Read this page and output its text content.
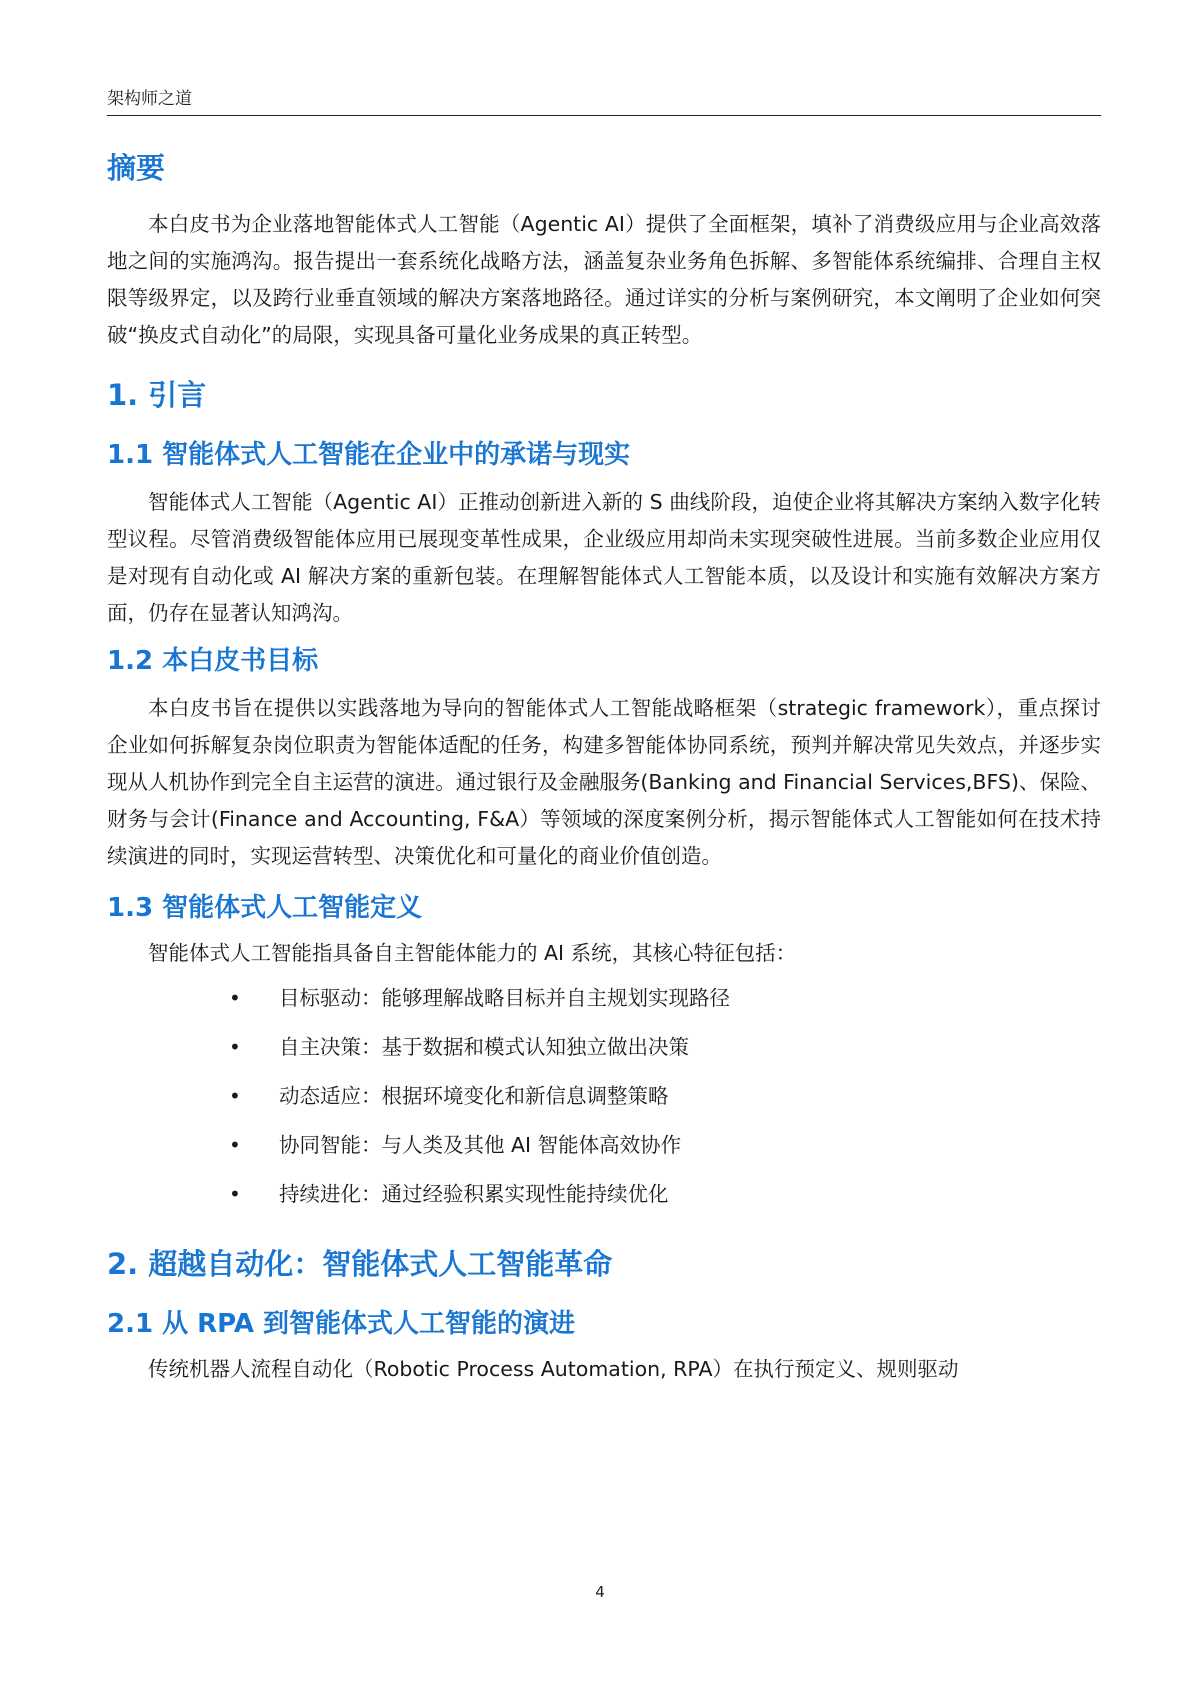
架构师之道
摘要

本白皮书为企业落地智能体式人工智能（Agentic AI）提供了全面框架，填补了消费级应用与企业高效落地之间的实施鸿沟。报告提出一套系统化战略方法，涵盖复杂业务角色拆解、多智能体系统编排、合理自主权限等级界定，以及跨行业垂直领域的解决方案落地路径。通过详实的分析与案例研究，本文阐明了企业如何突破“换皮式自动化”的局限，实现具备可量化业务成果的真正转型。

1. 引言
1.1 智能体式人工智能在企业中的承诺与现实

智能体式人工智能（Agentic AI）正推动创新进入新的 S 曲线阶段，迫使企业将其解决方案纳入数字化转型议程。尽管消费级智能体应用已展现变革性成果，企业级应用却尚未实现突破性进展。当前多数企业应用仅是对现有自动化或 AI 解决方案的重新包装。在理解智能体式人工智能本质，以及设计和实施有效解决方案方面，仍存在显著认知鸿沟。

1.2 本白皮书目标

本白皮书旨在提供以实践落地为导向的智能体式人工智能战略框架（strategic framework），重点探讨企业如何拆解复杂岗位职责为智能体适配的任务，构建多智能体协同系统，预判并解决常见失效点，并逐步实现从人机协作到完全自主运营的演进。通过银行及金融服务(Banking and Financial Services,BFS)、保险、财务与会计(Finance and Accounting, F&A）等领域的深度案例分析，揭示智能体式人工智能如何在技术持续演进的同时，实现运营转型、决策优化和可量化的商业价值创造。

1.3 智能体式人工智能定义

智能体式人工智能指具备自主智能体能力的 AI 系统，其核心特征包括：

• 目标驱动：能够理解战略目标并自主规划实现路径
• 自主决策：基于数据和模式认知独立做出决策
• 动态适应：根据环境变化和新信息调整策略
• 协同智能：与人类及其他 AI 智能体高效协作
• 持续进化：通过经验积累实现性能持续优化
2. 超越自动化：智能体式人工智能革命
2.1 从 RPA 到智能体式人工智能的演进

传统机器人流程自动化（Robotic Process Automation, RPA）在执行预定义、规则驱动

4
